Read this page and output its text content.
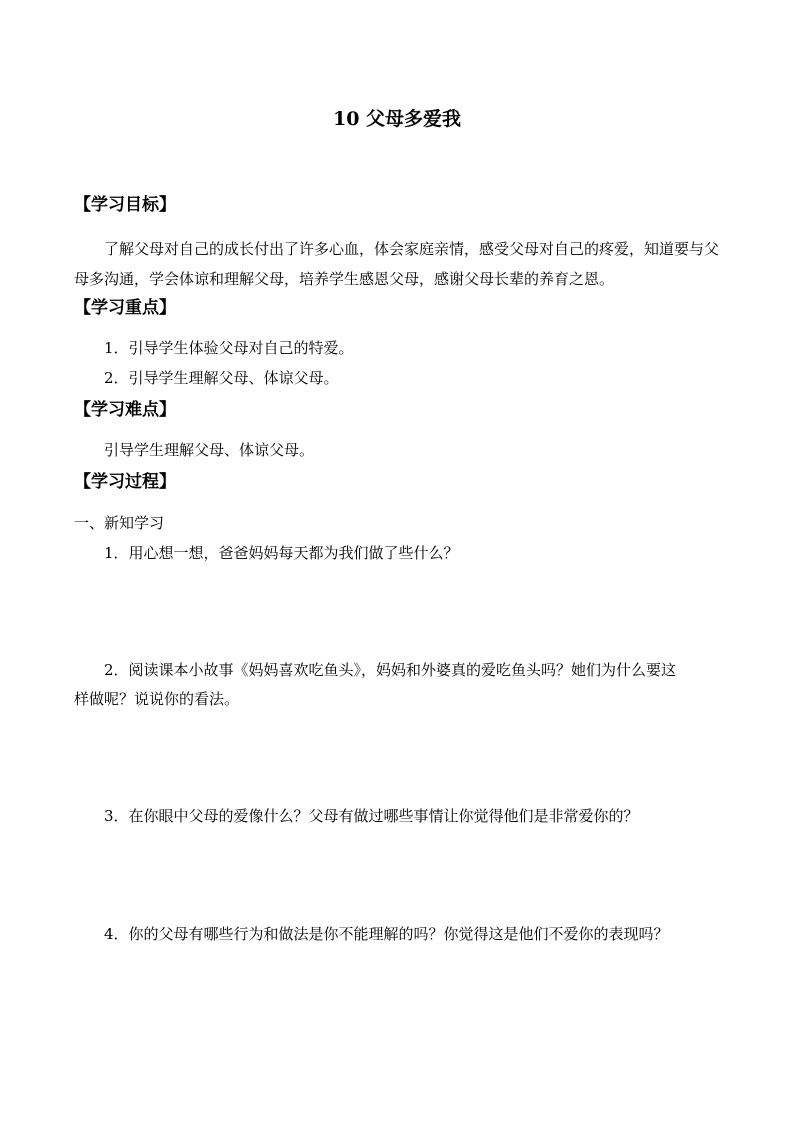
10 父母多爱我
【学习目标】
了解父母对自己的成长付出了许多心血，体会家庭亲情，感受父母对自己的疼爱，知道要与父母多沟通，学会体谅和理解父母，培养学生感恩父母，感谢父母长辈的养育之恩。
【学习重点】
1．引导学生体验父母对自己的特爱。
2．引导学生理解父母、体谅父母。
【学习难点】
引导学生理解父母、体谅父母。
【学习过程】
一、新知学习
1．用心想一想，爸爸妈妈每天都为我们做了些什么？
2．阅读课本小故事《妈妈喜欢吃鱼头》，妈妈和外婆真的爱吃鱼头吗？她们为什么要这
样做呢？说说你的看法。
3．在你眼中父母的爱像什么？父母有做过哪些事情让你觉得他们是非常爱你的？
4．你的父母有哪些行为和做法是你不能理解的吗？你觉得这是他们不爱你的表现吗？
